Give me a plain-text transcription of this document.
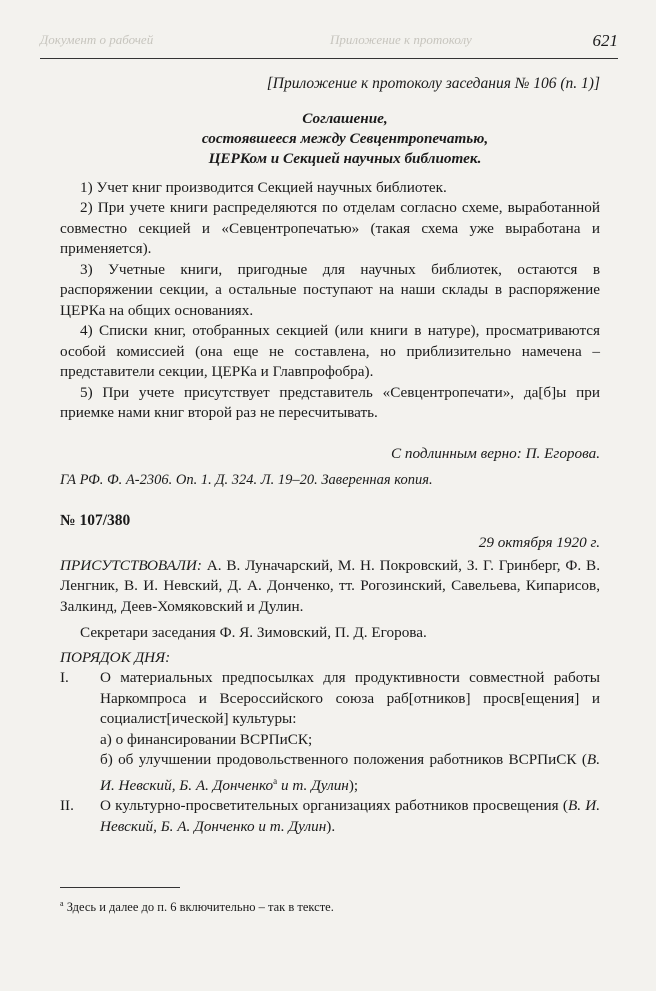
Документ о рабочей	Приложение к протоколу	621
[Приложение к протоколу заседания № 106 (п. 1)]
Соглашение,
состоявшееся между Севцентропечатью,
ЦЕРКом и Секцией научных библиотек.

1) Учет книг производится Секцией научных библиотек.

2) При учете книги распределяются по отделам согласно схеме, выработанной совместно секцией и «Севцентропечатью» (такая схема уже выработана и применяется).

3) Учетные книги, пригодные для научных библиотек, остаются в распоряжении секции, а остальные поступают на наши склады в распоряжение ЦЕРКа на общих основаниях.

4) Списки книг, отобранных секцией (или книги в натуре), просматриваются особой комиссией (она еще не составлена, но приблизительно намечена – представители секции, ЦЕРКа и Главпрофобра).

5) При учете присутствует представитель «Севцентропечати», да[б]ы при приемке нами книг второй раз не пересчитывать.

С подлинным верно: П. Егорова.
ГА РФ. Ф. А-2306. Оп. 1. Д. 324. Л. 19–20. Заверенная копия.
№ 107/380
29 октября 1920 г.
ПРИСУТСТВОВАЛИ: А. В. Луначарский, М. Н. Покровский, З. Г. Гринберг, Ф. В. Ленгник, В. И. Невский, Д. А. Донченко, тт. Рогозинский, Савельева, Кипарисов, Залкинд, Деев-Хомяковский и Дулин.
Секретари заседания Ф. Я. Зимовский, П. Д. Егорова.
ПОРЯДОК ДНЯ:
I.	О материальных предпосылках для продуктивности совместной работы Наркомпроса и Всероссийского союза раб[отников] просв[ещения] и социалист[ической] культуры:

а) о финансировании ВСРПиСК;

б) об улучшении продовольственного положения работников ВСРПиСК (В. И. Невский, Б. А. Донченко$^а$ и т. Дулин);

II.	О культурно-просветительных организациях работников просвещения (В. И. Невский, Б. А. Донченко и т. Дулин).
$^а$ Здесь и далее до п. 6 включительно – так в тексте.
